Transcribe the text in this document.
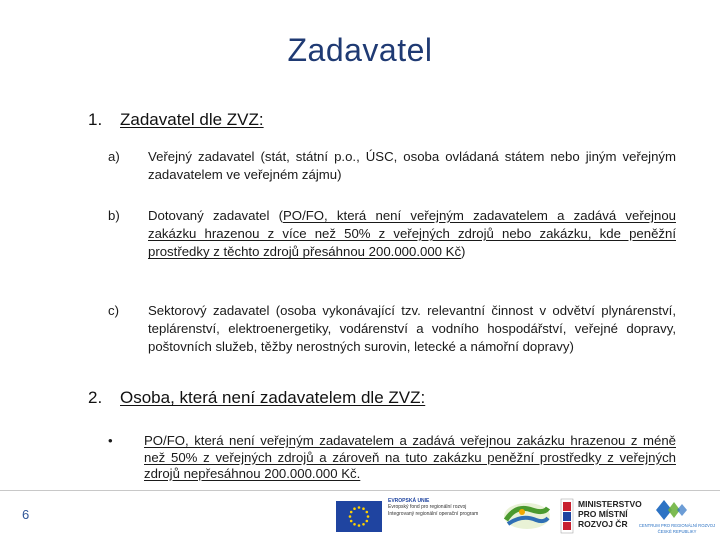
Zadavatel
1. Zadavatel dle ZVZ:
a) Veřejný zadavatel (stát, státní p.o., ÚSC, osoba ovládaná státem nebo jiným veřejným zadavatelem ve veřejném zájmu)
b) Dotovaný zadavatel (PO/FO, která není veřejným zadavatelem a zadává veřejnou zakázku hrazenou z více než 50% z veřejných zdrojů nebo zakázku, kde peněžní prostředky z těchto zdrojů přesáhnou 200.000.000 Kč)
c) Sektorový zadavatel (osoba vykonávající tzv. relevantní činnost v odvětví plynárenství, teplárenství, elektroenergetiky, vodárenství a vodního hospodářství, veřejné dopravy, poštovních služeb, těžby nerostných surovin, letecké a námořní dopravy)
2. Osoba, která není zadavatelem dle ZVZ:
• PO/FO, která není veřejným zadavatelem a zadává veřejnou zakázku hrazenou z méně než 50% z veřejných zdrojů a zároveň na tuto zakázku peněžní prostředky z veřejných zdrojů nepřesáhnou 200.000.000 Kč.
6
EVROPSKÁ UNIE
Evropský fond pro regionální rozvoj
Integrovaný regionální operační program
MINISTERSTVO
PRO MÍSTNÍ
ROZVOJ ČR	CENTRUM PRO REGIONÁLNÍ ROZVOJ
ČESKÉ REPUBLIKY
